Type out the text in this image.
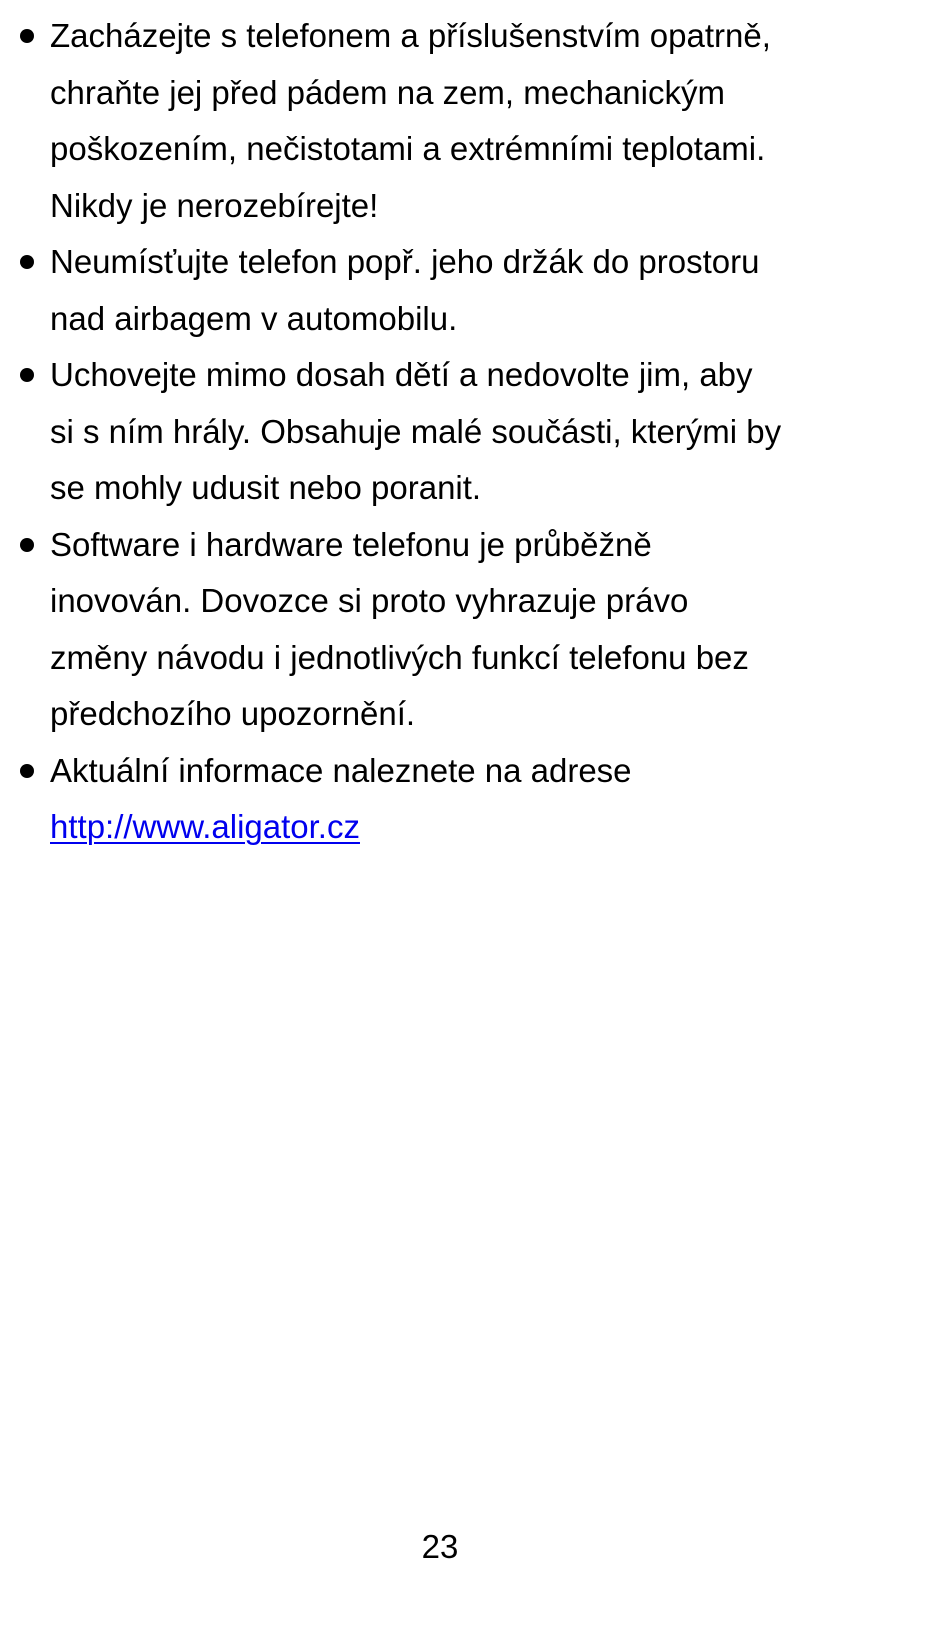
Zacházejte s telefonem a příslušenstvím opatrně,
chraňte jej před pádem na zem, mechanickým
poškozením, nečistotami a extrémními teplotami.
Nikdy je nerozebírejte!
Neumísťujte telefon popř. jeho držák do prostoru
nad airbagem v automobilu.
Uchovejte mimo dosah dětí a nedovolte jim, aby
si s ním hrály. Obsahuje malé součásti, kterými by
se mohly udusit nebo poranit.
Software i hardware telefonu je průběžně
inovován. Dovozce si proto vyhrazuje právo
změny návodu i jednotlivých funkcí telefonu bez
předchozího upozornění.
Aktuální informace naleznete na adrese
http://www.aligator.cz
23
